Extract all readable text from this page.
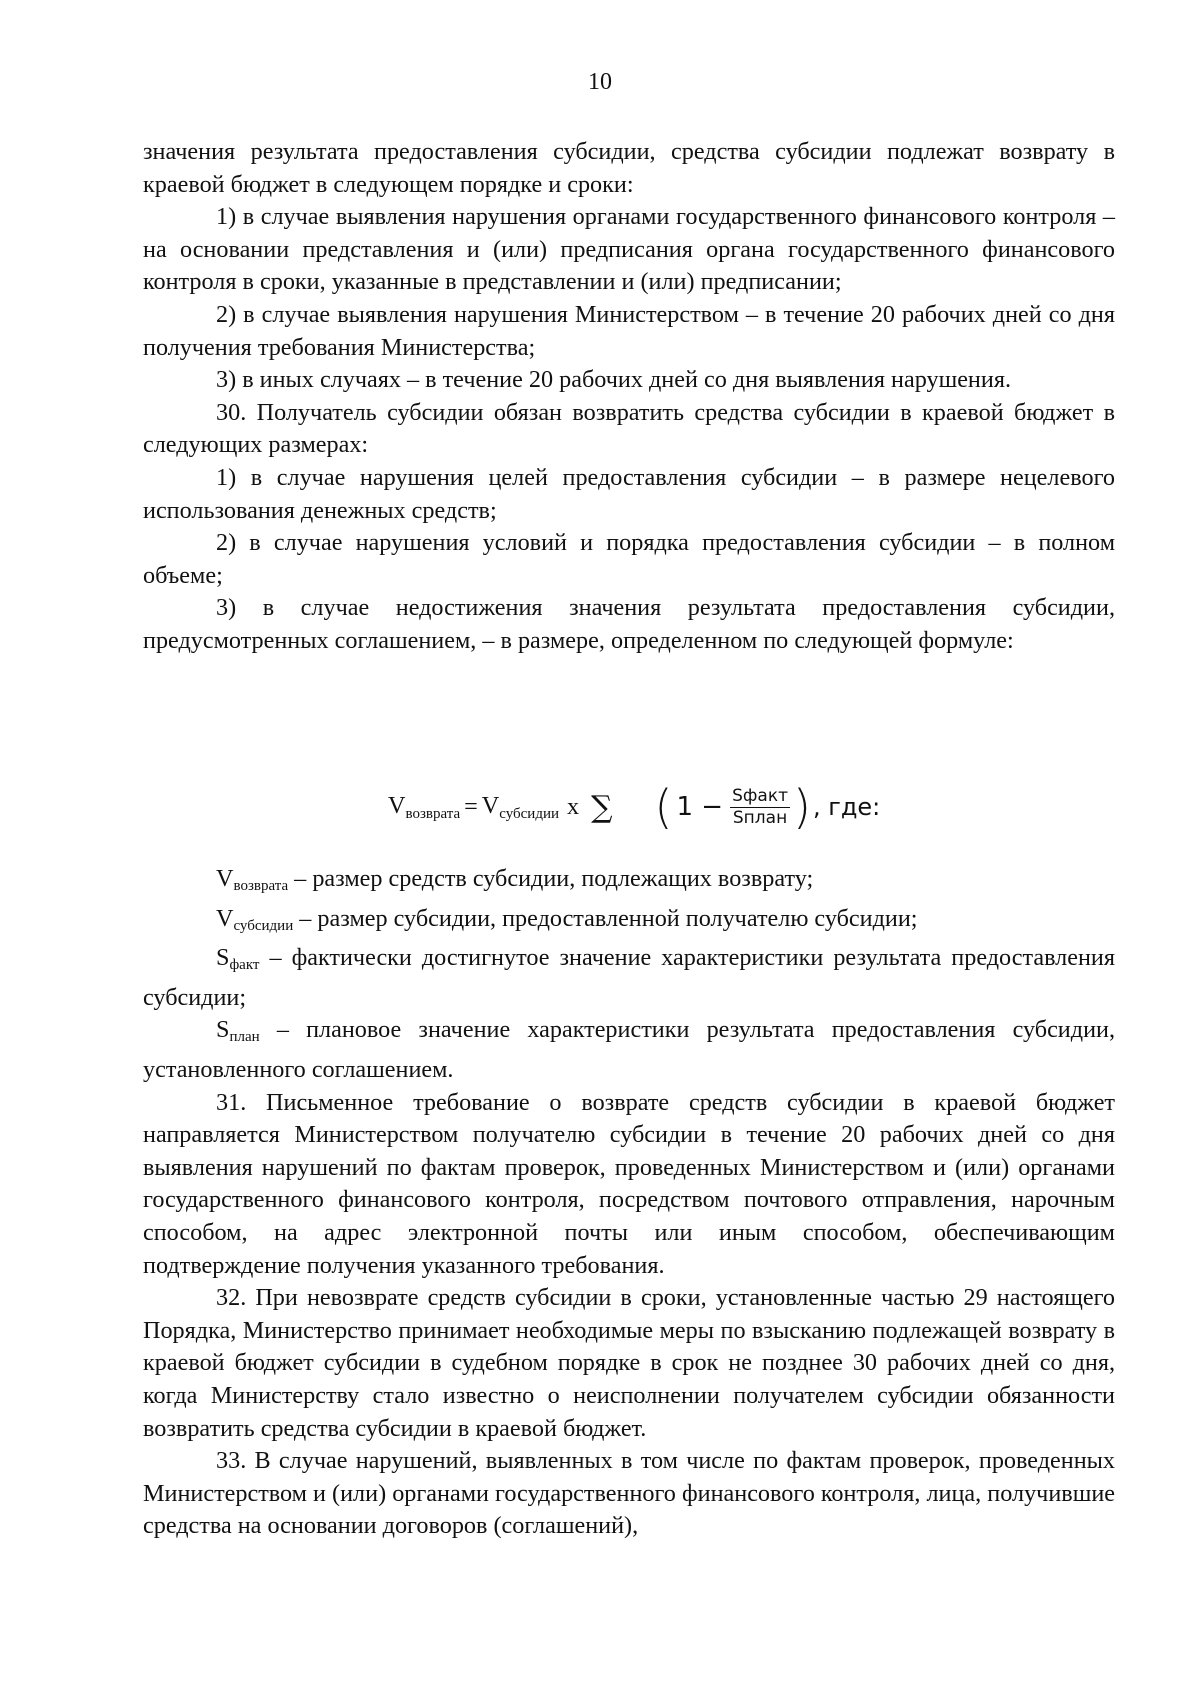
10

значения результата предоставления субсидии, средства субсидии подлежат возврату в краевой бюджет в следующем порядке и сроки:

1) в случае выявления нарушения органами государственного финансового контроля – на основании представления и (или) предписания органа государственного финансового контроля в сроки, указанные в представлении и (или) предписании;

2) в случае выявления нарушения Министерством – в течение 20 рабочих дней со дня получения требования Министерства;

3) в иных случаях – в течение 20 рабочих дней со дня выявления нарушения.

30. Получатель субсидии обязан возвратить средства субсидии в краевой бюджет в следующих размерах:

1) в случае нарушения целей предоставления субсидии – в размере нецелевого использования денежных средств;

2) в случае нарушения условий и порядка предоставления субсидии – в полном объеме;

3) в случае недостижения значения результата предоставления субсидии, предусмотренных соглашением, – в размере, определенном по следующей формуле:

$V_{возврата} = V_{субсидии}$ x ∑ ( $1 - \frac{\text{Sфакт}}{\text{Sплан}}$ ) , где:

Vвозврата – размер средств субсидии, подлежащих возврату;

Vсубсидии – размер субсидии, предоставленной получателю субсидии;

Sфакт – фактически достигнутое значение характеристики результата предоставления субсидии;

Sплан – плановое значение характеристики результата предоставления субсидии, установленного соглашением.

31. Письменное требование о возврате средств субсидии в краевой бюджет направляется Министерством получателю субсидии в течение 20 рабочих дней со дня выявления нарушений по фактам проверок, проведенных Министерством и (или) органами государственного финансового контроля, посредством почтового отправления, нарочным способом, на адрес электронной почты или иным способом, обеспечивающим подтверждение получения указанного требования.

32. При невозврате средств субсидии в сроки, установленные частью 29 настоящего Порядка, Министерство принимает необходимые меры по взысканию подлежащей возврату в краевой бюджет субсидии в судебном порядке в срок не позднее 30 рабочих дней со дня, когда Министерству стало известно о неисполнении получателем субсидии обязанности возвратить средства субсидии в краевой бюджет.

33. В случае нарушений, выявленных в том числе по фактам проверок, проведенных Министерством и (или) органами государственного финансового контроля, лица, получившие средства на основании договоров (соглашений),
